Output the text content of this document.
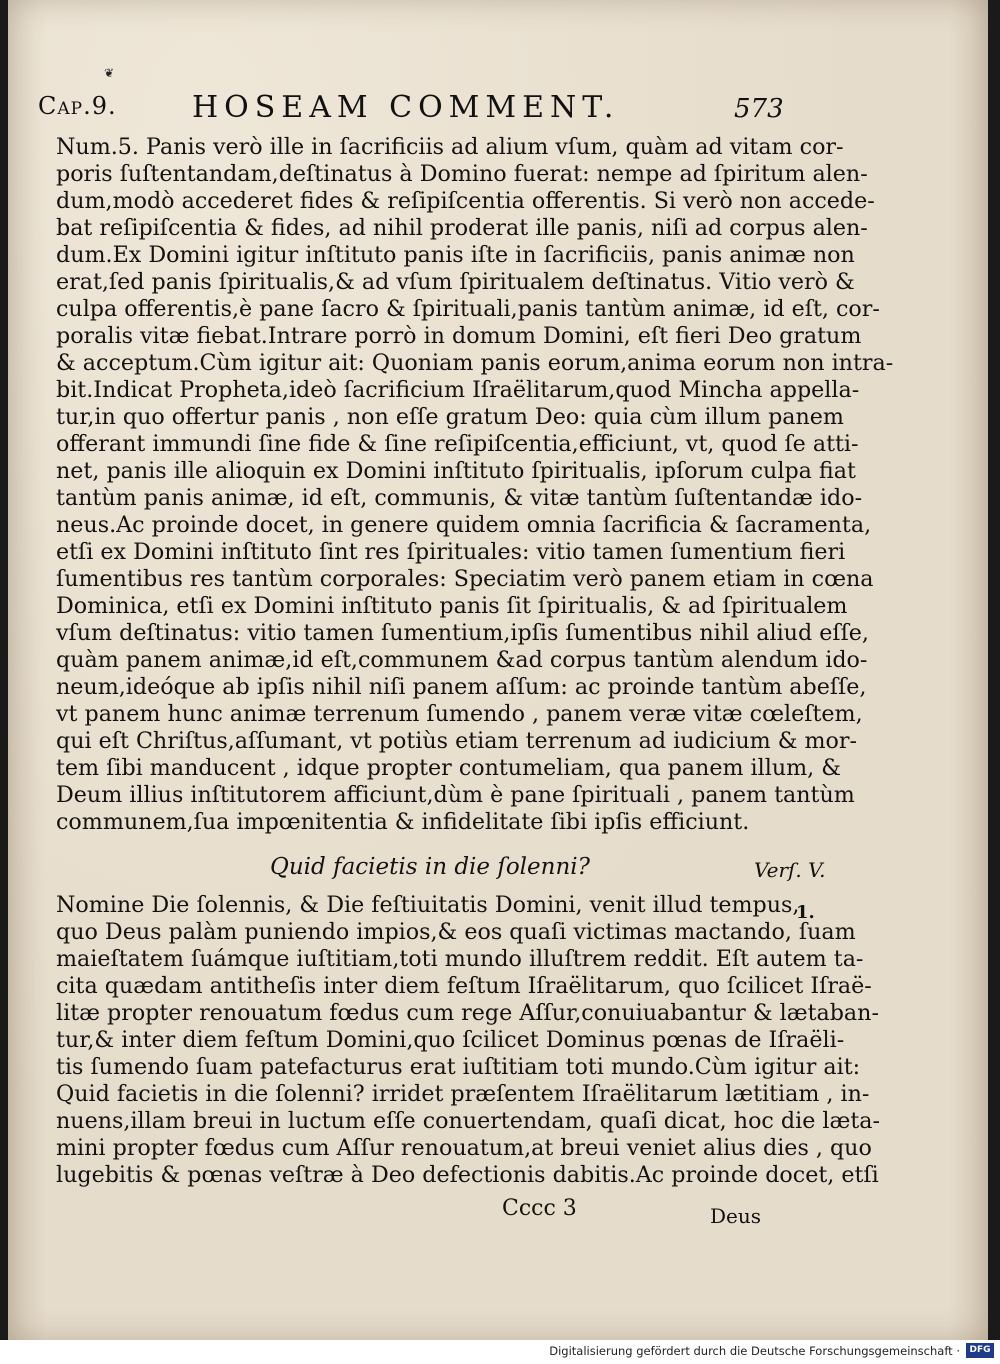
❦
Cap.9.	HOSEAM COMMENT.	573
Num.5. Panis verò ille in ſacrificiis ad alium vſum, quàm ad vitam cor-
poris ſuſtentandam,deſtinatus à Domino fuerat: nempe ad ſpiritum alen-
dum,modò accederet fides & reſipiſcentia offerentis. Si verò non accede-
bat reſipiſcentia & fides, ad nihil proderat ille panis, niſi ad corpus alen-
dum.Ex Domini igitur inſtituto panis iſte in ſacrificiis, panis animæ non
erat,ſed panis ſpiritualis,& ad vſum ſpiritualem deſtinatus. Vitio verò &
culpa offerentis,è pane ſacro & ſpirituali,panis tantùm animæ, id eſt, cor-
poralis vitæ fiebat.Intrare porrò in domum Domini, eſt fieri Deo gratum
& acceptum.Cùm igitur ait: Quoniam panis eorum,anima eorum non intra-
bit.Indicat Propheta,ideò ſacrificium Iſraëlitarum,quod Mincha appella-
tur,in quo offertur panis , non eſſe gratum Deo: quia cùm illum panem
offerant immundi ſine fide & ſine reſipiſcentia,efficiunt, vt, quod ſe atti-
net, panis ille alioquin ex Domini inſtituto ſpiritualis, ipſorum culpa fiat
tantùm panis animæ, id eſt, communis, & vitæ tantùm ſuſtentandæ ido-
neus.Ac proinde docet, in genere quidem omnia ſacrificia & ſacramenta,
etſi ex Domini inſtituto ſint res ſpirituales: vitio tamen ſumentium fieri
ſumentibus res tantùm corporales: Speciatim verò panem etiam in cœna
Dominica, etſi ex Domini inſtituto panis ſit ſpiritualis, & ad ſpiritualem
vſum deſtinatus: vitio tamen ſumentium,ipſis ſumentibus nihil aliud eſſe,
quàm panem animæ,id eſt,communem &ad corpus tantùm alendum ido-
neum,ideóque ab ipſis nihil niſi panem aſſum: ac proinde tantùm abeſſe,
vt panem hunc animæ terrenum ſumendo , panem veræ vitæ cœleſtem,
qui eſt Chriſtus,aſſumant, vt potiùs etiam terrenum ad iudicium & mor-
tem ſibi manducent , idque propter contumeliam, qua panem illum, &
Deum illius inſtitutorem afficiunt,dùm è pane ſpirituali , panem tantùm
communem,ſua impœnitentia & infidelitate ſibi ipſis efficiunt.
Quid facietis in die ſolenni?	Verſ. V.
1.
Nomine Die ſolennis, & Die feſtiuitatis Domini, venit illud tempus,
quo Deus palàm puniendo impios,& eos quaſi victimas mactando, ſuam
maieſtatem ſuámque iuſtitiam,toti mundo illuſtrem reddit. Eſt autem ta-
cita quædam antitheſis inter diem feſtum Iſraëlitarum, quo ſcilicet Iſraë-
litæ propter renouatum fœdus cum rege Aſſur,conuiuabantur & lætaban-
tur,& inter diem feſtum Domini,quo ſcilicet Dominus pœnas de Iſraëli-
tis ſumendo ſuam patefacturus erat iuſtitiam toti mundo.Cùm igitur ait:
Quid facietis in die ſolenni? irridet præſentem Iſraëlitarum lætitiam , in-
nuens,illam breui in luctum eſſe conuertendam, quaſi dicat, hoc die læta-
mini propter fœdus cum Aſſur renouatum,at breui veniet alius dies , quo
lugebitis & pœnas veſtræ à Deo defectionis dabitis.Ac proinde docet, etſi
Cccc 3	Deus
Digitalisierung gefördert durch die Deutsche Forschungsgemeinschaft ·	DFG
